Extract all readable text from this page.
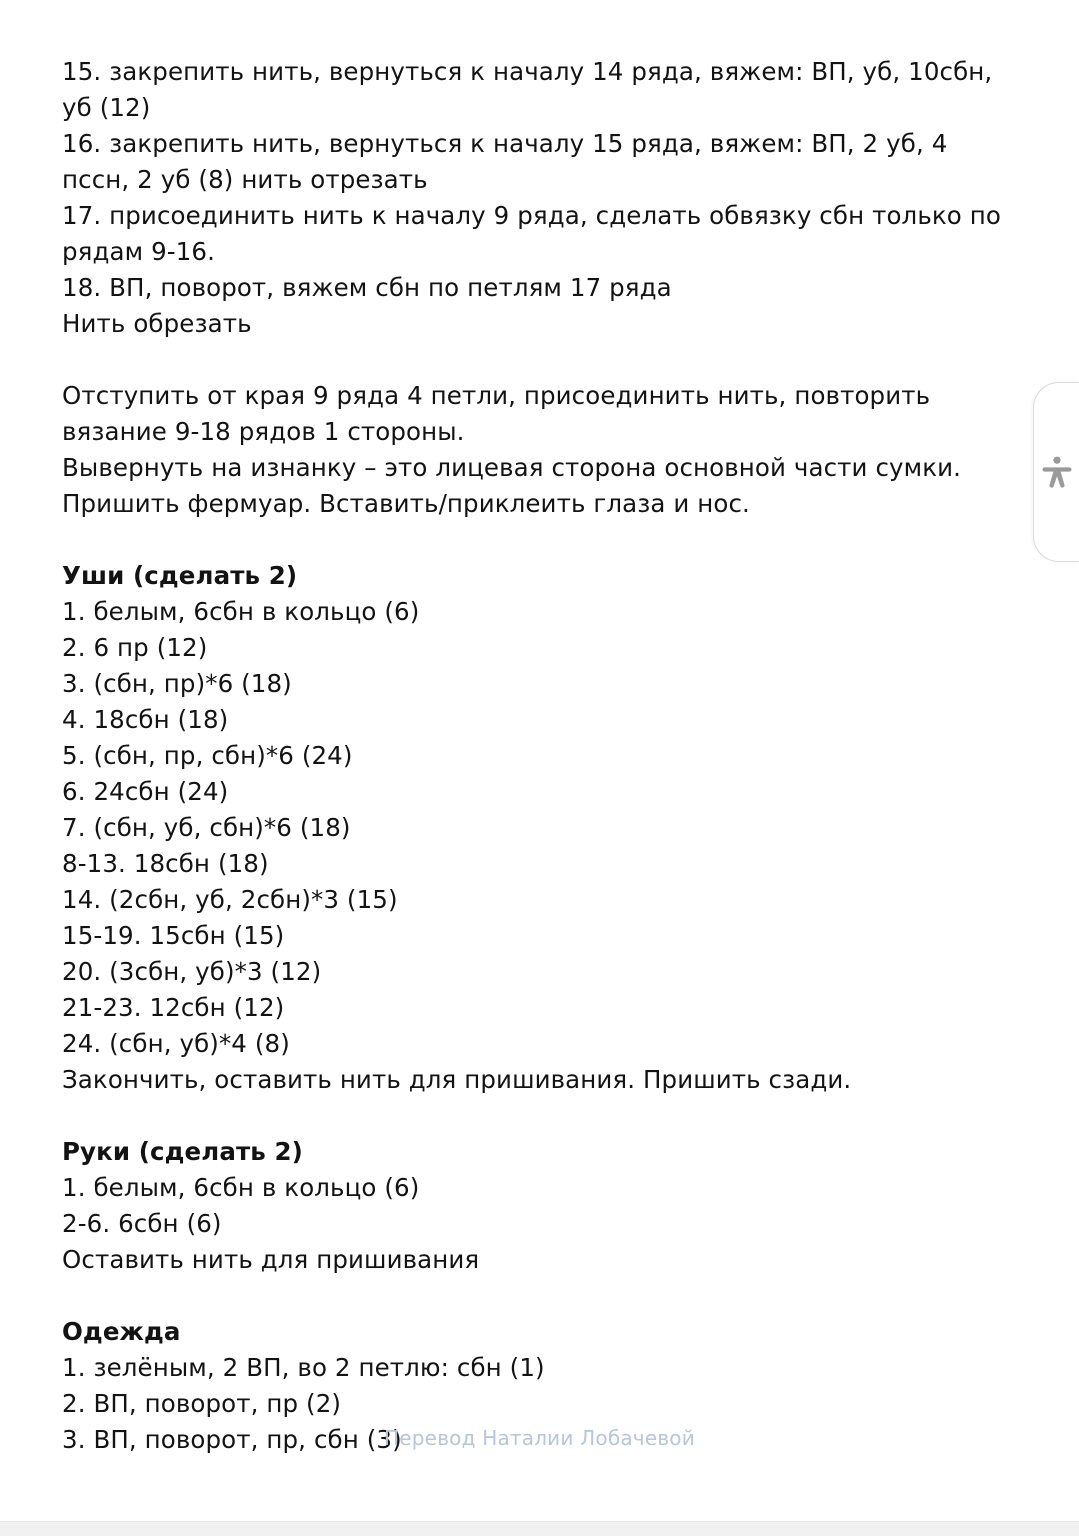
15. закрепить нить, вернуться к началу 14 ряда, вяжем: ВП, уб, 10сбн, уб (12)
16. закрепить нить, вернуться к началу 15 ряда, вяжем: ВП, 2 уб, 4 пссн, 2 уб (8) нить отрезать
17. присоединить нить к началу 9 ряда, сделать обвязку сбн только по рядам 9-16.
18. ВП, поворот, вяжем сбн по петлям 17 ряда
Нить обрезать
Отступить от края 9 ряда 4 петли, присоединить нить, повторить вязание 9-18 рядов 1 стороны.
Вывернуть на изнанку – это лицевая сторона основной части сумки.
Пришить фермуар. Вставить/приклеить глаза и нос.
Уши (сделать 2)
1. белым, 6сбн в кольцо (6)
2. 6 пр (12)
3. (сбн, пр)*6 (18)
4. 18сбн (18)
5. (сбн, пр, сбн)*6 (24)
6. 24сбн (24)
7. (сбн, уб, сбн)*6 (18)
8-13. 18сбн (18)
14. (2сбн, уб, 2сбн)*3 (15)
15-19. 15сбн (15)
20. (3сбн, уб)*3 (12)
21-23. 12сбн (12)
24. (сбн, уб)*4 (8)
Закончить, оставить нить для пришивания. Пришить сзади.
Руки (сделать 2)
1. белым, 6сбн в кольцо (6)
2-6. 6сбн (6)
Оставить нить для пришивания
Одежда
1. зелёным, 2 ВП, во 2 петлю: сбн (1)
2. ВП, поворот, пр (2)
3. ВП, поворот, пр, сбн (3)
Перевод Наталии Лобачевой
